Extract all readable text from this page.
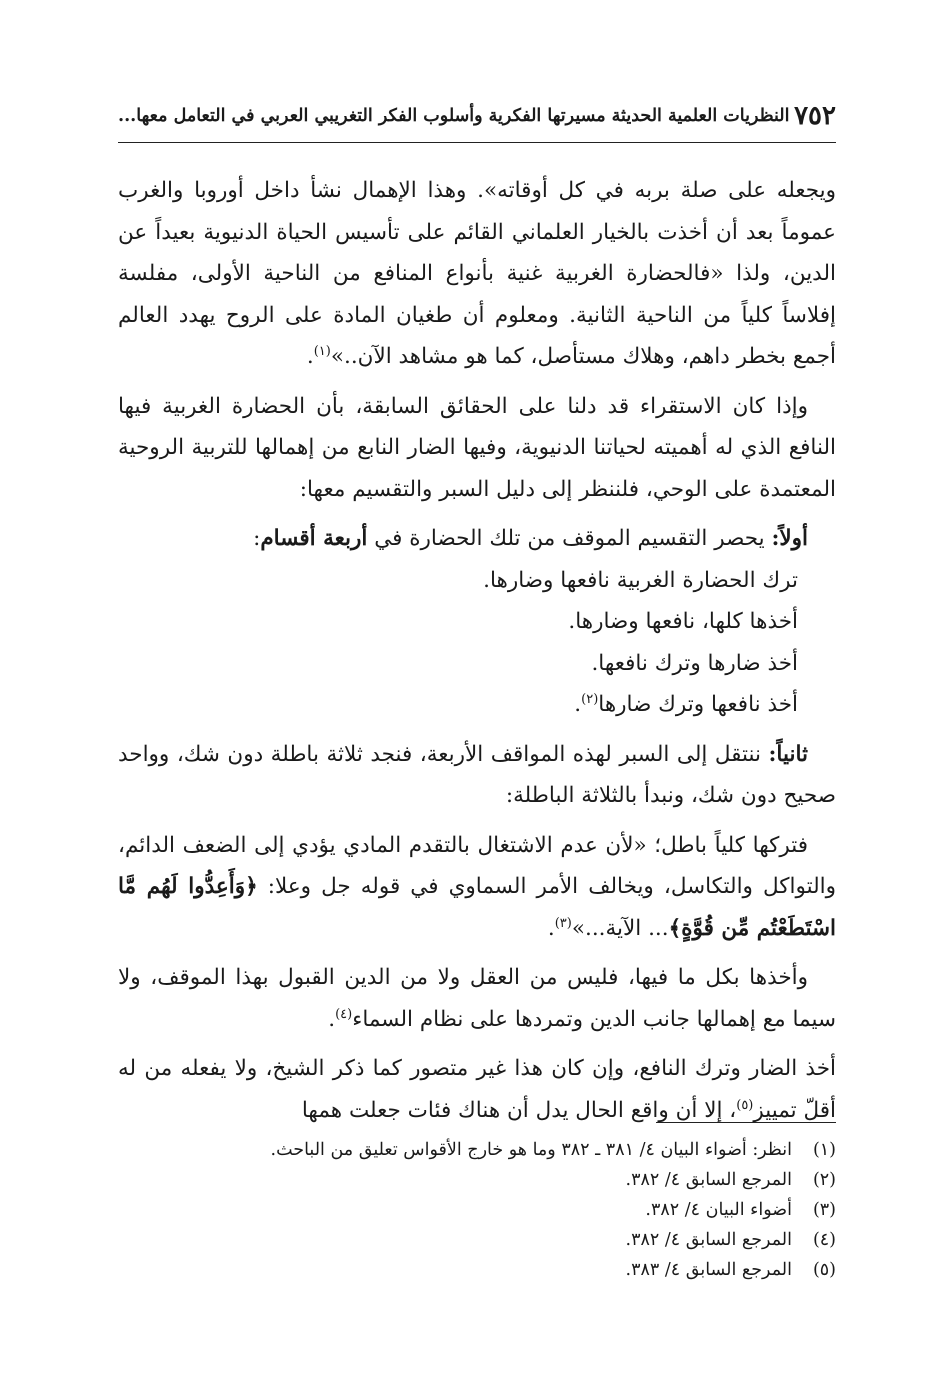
٧٥٢
النظريات العلمية الحديثة مسيرتها الفكرية وأسلوب الفكر التغريبي العربي في التعامل معها...

ويجعله على صلة بربه في كل أوقاته». وهذا الإهمال نشأ داخل أوروبا والغرب عموماً بعد أن أخذت بالخيار العلماني القائم على تأسيس الحياة الدنيوية بعيداً عن الدين، ولذا «فالحضارة الغربية غنية بأنواع المنافع من الناحية الأولى، مفلسة إفلاساً كلياً من الناحية الثانية. ومعلوم أن طغيان المادة على الروح يهدد العالم أجمع بخطر داهم، وهلاك مستأصل، كما هو مشاهد الآن..»$^{(١)}$.

وإذا كان الاستقراء قد دلنا على الحقائق السابقة، بأن الحضارة الغربية فيها النافع الذي له أهميته لحياتنا الدنيوية، وفيها الضار النابع من إهمالها للتربية الروحية المعتمدة على الوحي، فلننظر إلى دليل السبر والتقسيم معها:

أولاً: يحصر التقسيم الموقف من تلك الحضارة في أربعة أقسام:

ترك الحضارة الغربية نافعها وضارها.

أخذها كلها، نافعها وضارها.

أخذ ضارها وترك نافعها.

أخذ نافعها وترك ضارها$^{(٢)}$.

ثانياً: ننتقل إلى السبر لهذه المواقف الأربعة، فنجد ثلاثة باطلة دون شك، وواحد صحيح دون شك، ونبدأ بالثلاثة الباطلة:

فتركها كلياً باطل؛ «لأن عدم الاشتغال بالتقدم المادي يؤدي إلى الضعف الدائم، والتواكل والتكاسل، ويخالف الأمر السماوي في قوله جل وعلا: ﴿وَأَعِدُّوا لَهُم مَّا اسْتَطَعْتُم مِّن قُوَّةٍ﴾... الآية...»$^{(٣)}$.

وأخذها بكل ما فيها، فليس من العقل ولا من الدين القبول بهذا الموقف، ولا سيما مع إهمالها جانب الدين وتمردها على نظام السماء$^{(٤)}$.

أخذ الضار وترك النافع، وإن كان هذا غير متصور كما ذكر الشيخ، ولا يفعله من له أقلّ تمييز$^{(٥)}$، إلا أن واقع الحال يدل أن هناك فئات جعلت همها

(١)
انظر: أضواء البيان ٤/ ٣٨١ ـ ٣٨٢ وما هو خارج الأقواس تعليق من الباحث.
(٢)
المرجع السابق ٤/ ٣٨٢.
(٣)
أضواء البيان ٤/ ٣٨٢.
(٤)
المرجع السابق ٤/ ٣٨٢.
(٥)
المرجع السابق ٤/ ٣٨٣.
